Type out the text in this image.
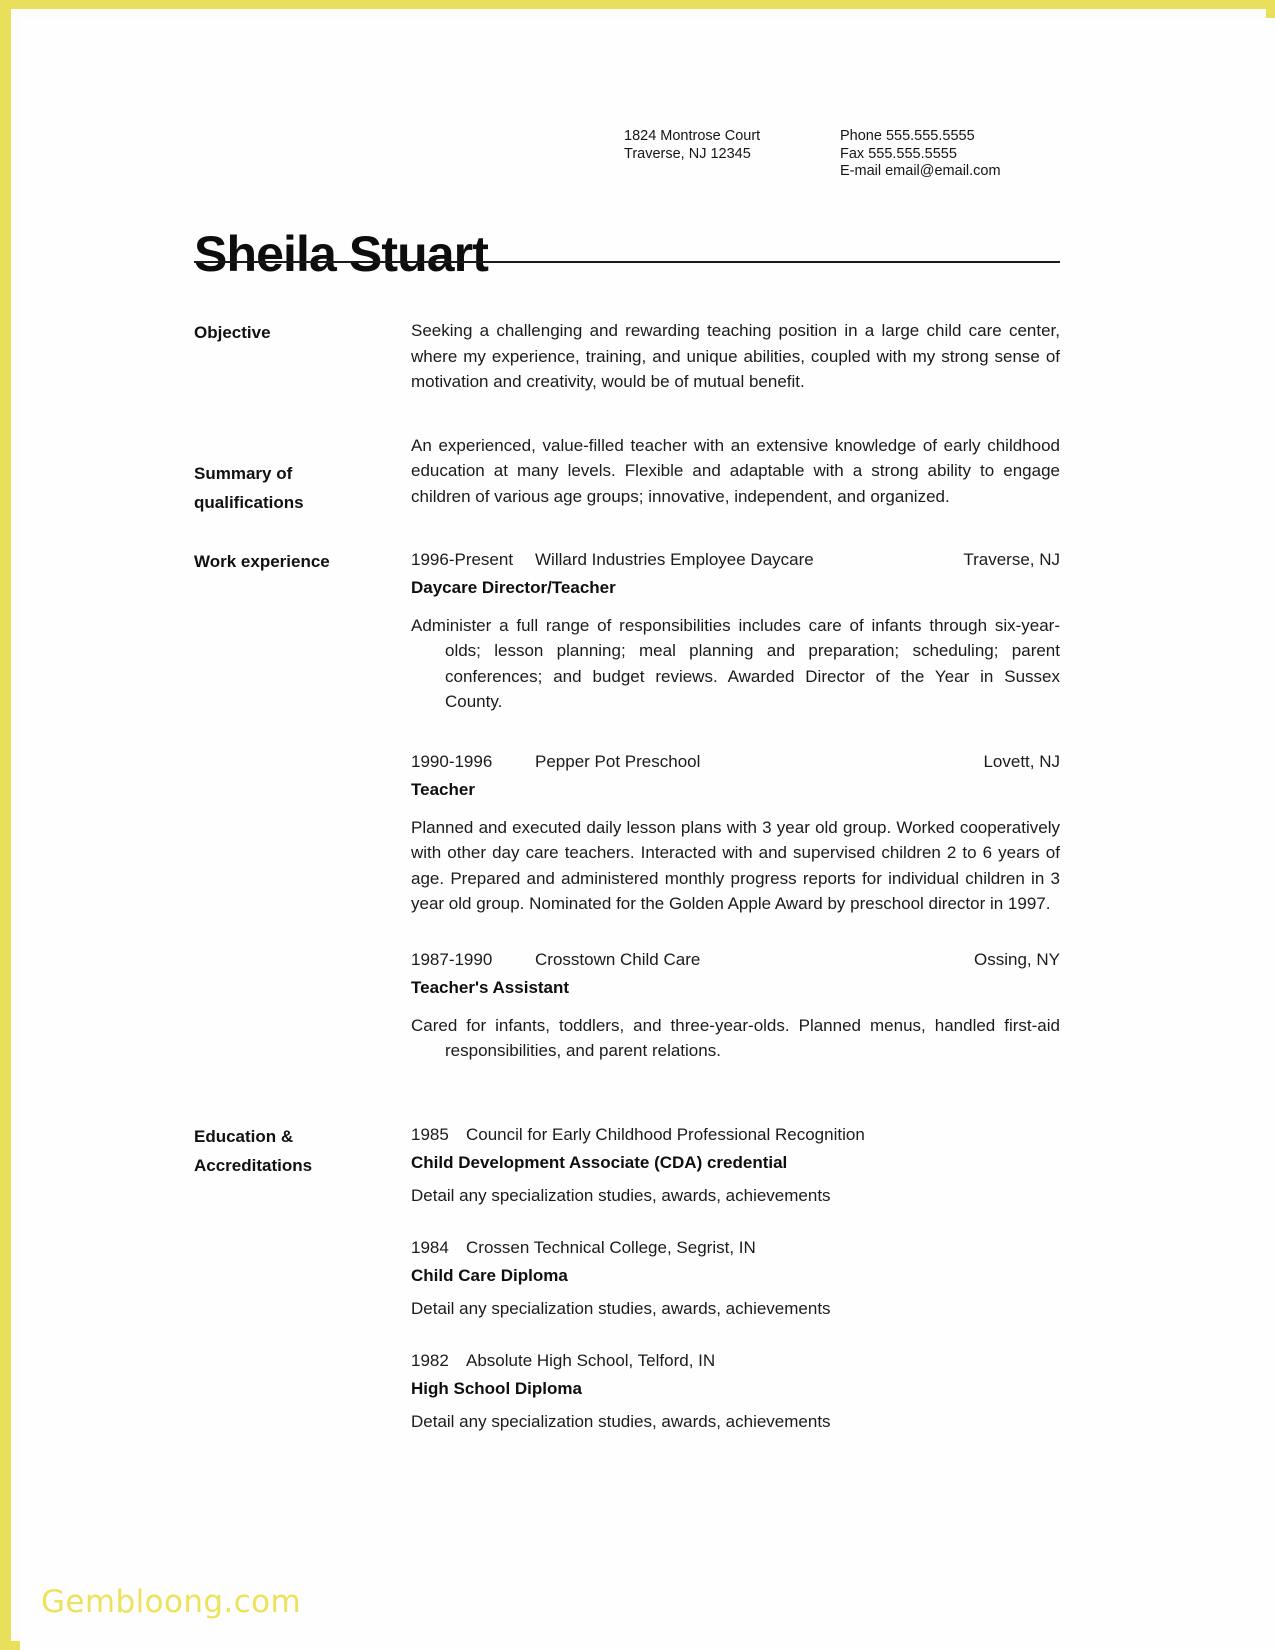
1824 Montrose Court
Traverse, NJ 12345
Phone 555.555.5555
Fax 555.555.5555
E-mail email@email.com
Sheila Stuart
Objective	Seeking a challenging and rewarding teaching position in a large child care center, where my experience, training, and unique abilities, coupled with my strong sense of motivation and creativity, would be of mutual benefit.

Summary of
qualifications

An experienced, value-filled teacher with an extensive knowledge of early childhood education at many levels. Flexible and adaptable with a strong ability to engage children of various age groups; innovative, independent, and organized.

Work experience	1996-Present	Willard Industries Employee Daycare	Traverse, NJ
Daycare Director/Teacher

Administer a full range of responsibilities includes care of infants through six-year-olds; lesson planning; meal planning and preparation; scheduling; parent conferences; and budget reviews. Awarded Director of the Year in Sussex County.

1990-1996	Pepper Pot Preschool	Lovett, NJ
Teacher

Planned and executed daily lesson plans with 3 year old group. Worked cooperatively with other day care teachers. Interacted with and supervised children 2 to 6 years of age. Prepared and administered monthly progress reports for individual children in 3 year old group. Nominated for the Golden Apple Award by preschool director in 1997.

1987-1990	Crosstown Child Care	Ossing, NY
Teacher's Assistant

Cared for infants, toddlers, and three-year-olds. Planned menus, handled first-aid responsibilities, and parent relations.

Education &
Accreditations

1985 Council for Early Childhood Professional Recognition

Child Development Associate (CDA) credential

Detail any specialization studies, awards, achievements

1984 Crossen Technical College, Segrist, IN

Child Care Diploma

Detail any specialization studies, awards, achievements

1982 Absolute High School, Telford, IN

High School Diploma

Detail any specialization studies, awards, achievements

Gembloong.com
